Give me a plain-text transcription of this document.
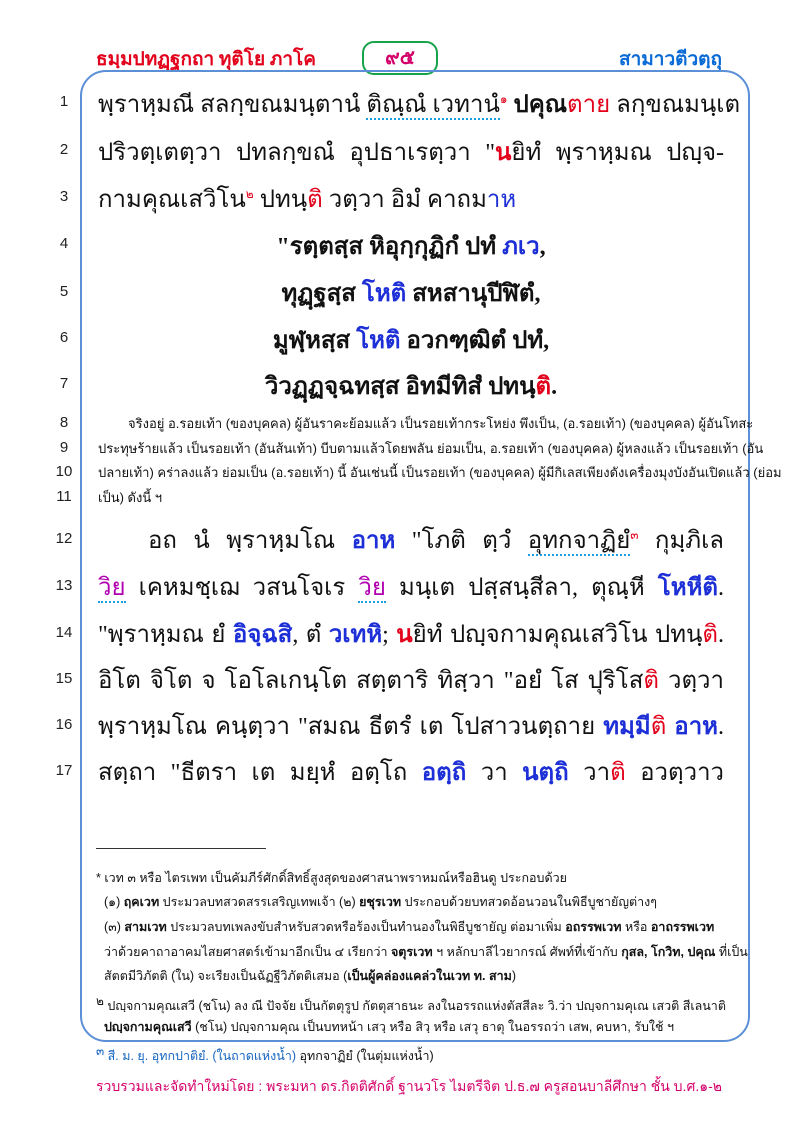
ธมฺมปทฏฺฐกถา ทุติโย ภาโค	๙๕	สามาวตีวตฺถุ
1
2
3
4
5
6
7
8
9
10
11
12
13
14
15
16
17
พฺราหฺมณี สลกฺขณมนฺตานํ ติณฺณํ เวทานํ$^๑$ ปคุณตาย ลกฺขณมนฺเต
ปริวตฺเตตฺวา ปทลกฺขณํ อุปธาเรตฺวา "นยิทํ พฺราหฺมณ ปญฺจ-
กามคุณเสวิโน$^๒$ ปทนฺติ วตฺวา อิมํ คาถมาห
"รตฺตสฺส หิอุกฺกุฏิกํ ปทํ ภเว,
ทุฏฺฐสฺส โหติ สหสานุปีฬิตํ,
มูฬฺหสฺส โหติ อวกฑฺฒิตํ ปทํ,
วิวฏฺฏจฺฉทสฺส อิทมีทิสํ ปทนฺติ.
จริงอยู่ อ.รอยเท้า (ของบุคคล) ผู้อันราคะย้อมแล้ว เป็นรอยเท้ากระโหย่ง พึงเป็น, (อ.รอยเท้า) (ของบุคคล) ผู้อันโทสะ
ประทุษร้ายแล้ว เป็นรอยเท้า (อันส้นเท้า) บีบตามแล้วโดยพลัน ย่อมเป็น, อ.รอยเท้า (ของบุคคล) ผู้หลงแล้ว เป็นรอยเท้า (อัน
ปลายเท้า) คร่าลงแล้ว ย่อมเป็น (อ.รอยเท้า) นี้ อันเช่นนี้ เป็นรอยเท้า (ของบุคคล) ผู้มีกิเลสเพียงดังเครื่องมุงบังอันเปิดแล้ว (ย่อม
เป็น) ดังนี้ ฯ
อถ นํ พฺราหฺมโณ อาห "โภติ ตฺวํ อุทกจาฏิยํ$^๓$ กุมฺภิเล
วิย เคหมชฺเฌ วสนโจเร วิย มนฺเต ปสฺสนฺสีลา, ตุณฺหี โหหีติ.
"พฺราหฺมณ ยํ อิจฺฉสิ, ตํ วเทหิ; นยิทํ ปญฺจกามคุณเสวิโน ปทนฺติ.
อิโต จิโต จ โอโลเกนฺโต สตฺตาริ ทิสฺวา "อยํ โส ปุริโสติ วตฺวา
พฺราหฺมโณ คนฺตฺวา "สมณ ธีตรํ เต โปสาวนตฺถาย ทมฺมีติ อาห.
สตฺถา "ธีตรา เต มยฺหํ อตฺโถ อตฺถิ วา นตฺถิ วาติ อวตฺวาว
* เวท ๓ หรือ ไตรเพท เป็นคัมภีร์ศักดิ์สิทธิ์สูงสุดของศาสนาพราหมณ์หรือฮินดู ประกอบด้วย
(๑) ฤคเวท ประมวลบทสวดสรรเสริญเทพเจ้า (๒) ยชุรเวท ประกอบด้วยบทสวดอ้อนวอนในพิธีบูชายัญต่างๆ
(๓) สามเวท ประมวลบทเพลงขับสำหรับสวดหรือร้องเป็นทำนองในพิธีบูชายัญ ต่อมาเพิ่ม อถรรพเวท หรือ อาถรรพเวท
ว่าด้วยคาถาอาคมไสยศาสตร์เข้ามาอีกเป็น ๔ เรียกว่า จตุรเวท ฯ หลักบาลีไวยากรณ์ ศัพท์ที่เข้ากับ กุสล, โกวิท, ปคุณ ที่เป็น
สัตตมีวิภัตติ (ใน) จะเรียงเป็นฉัฏฐีวิภัตติเสมอ (เป็นผู้คล่องแคล่วในเวท ท. สาม)
$^๒$ ปญฺจกามคุณเสวี (ชโน) ลง ณี ปัจจัย เป็นกัตตุรูป กัตตุสาธนะ ลงในอรรถแห่งตัสสีละ วิ.ว่า ปญฺจกามคุเณ เสวติ สีเลนาติ
ปญฺจกามคุณเสวี (ชโน) ปญฺจกามคุณ เป็นบทหน้า เสวฺ หรือ สิวฺ หรือ เสวุ ธาตุ ในอรรถว่า เสพ, คบหา, รับใช้ ฯ
$^๓$ สี. ม. ยุ. อุทกปาติยํ. (ในถาดแห่งน้ำ) อุทกจาฏิยํ (ในตุ่มแห่งน้ำ)
รวบรวมและจัดทำใหม่โดย : พระมหา ดร.กิตติศักดิ์ ฐานวโร ไมตรีจิต ป.ธ.๗ ครูสอนบาลีศึกษา ชั้น บ.ศ.๑-๒
